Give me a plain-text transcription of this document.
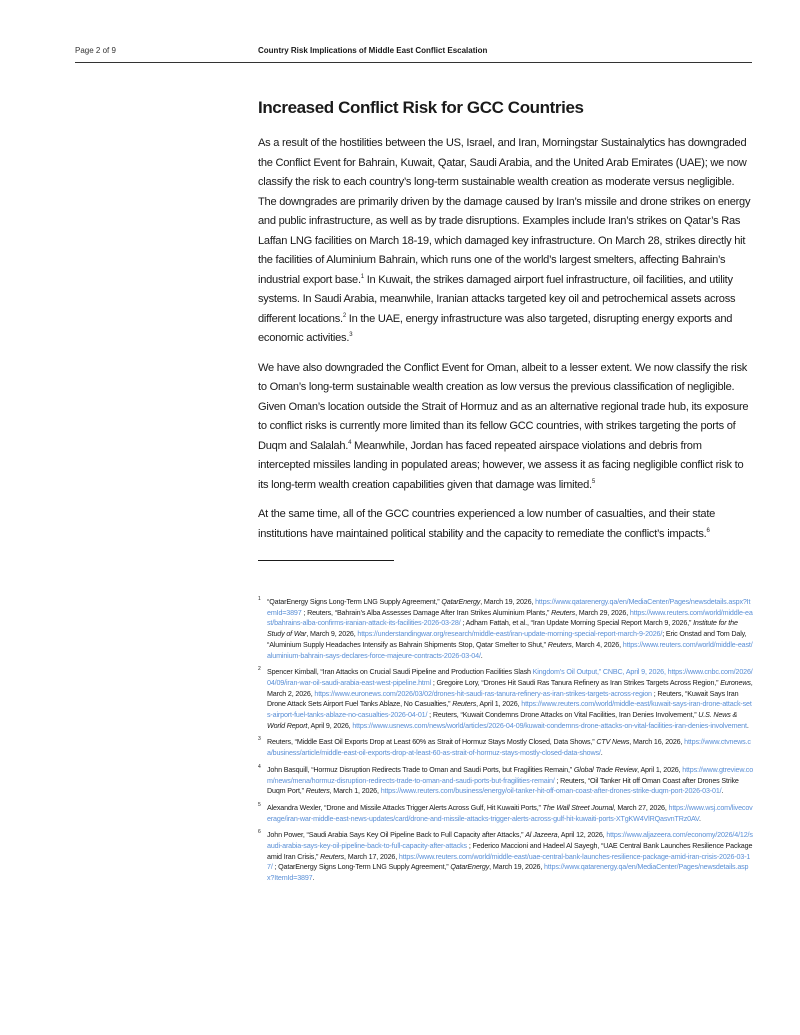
Page 2 of 9	Country Risk Implications of Middle East Conflict Escalation
Increased Conflict Risk for GCC Countries

As a result of the hostilities between the US, Israel, and Iran, Morningstar Sustainalytics has downgraded the Conflict Event for Bahrain, Kuwait, Qatar, Saudi Arabia, and the United Arab Emirates (UAE); we now classify the risk to each country’s long-term sustainable wealth creation as moderate versus negligible. The downgrades are primarily driven by the damage caused by Iran’s missile and drone strikes on energy and public infrastructure, as well as by trade disruptions. Examples include Iran’s strikes on Qatar’s Ras Laffan LNG facilities on March 18-19, which damaged key infrastructure. On March 28, strikes directly hit the facilities of Aluminium Bahrain, which runs one of the world’s largest smelters, affecting Bahrain’s industrial export base.$^1$ In Kuwait, the strikes damaged airport fuel infrastructure, oil facilities, and utility systems. In Saudi Arabia, meanwhile, Iranian attacks targeted key oil and petrochemical assets across different locations.$^2$ In the UAE, energy infrastructure was also targeted, disrupting energy exports and economic activities.$^3$

We have also downgraded the Conflict Event for Oman, albeit to a lesser extent. We now classify the risk to Oman’s long-term sustainable wealth creation as low versus the previous classification of negligible. Given Oman’s location outside the Strait of Hormuz and as an alternative regional trade hub, its exposure to conflict risks is currently more limited than its fellow GCC countries, with strikes targeting the ports of Duqm and Salalah.$^4$ Meanwhile, Jordan has faced repeated airspace violations and debris from intercepted missiles landing in populated areas; however, we assess it as facing negligible conflict risk to its long-term wealth creation capabilities given that damage was limited.$^5$

At the same time, all of the GCC countries experienced a low number of casualties, and their state institutions have maintained political stability and the capacity to remediate the conflict’s impacts.$^6$

1 “QatarEnergy Signs Long-Term LNG Supply Agreement,” QatarEnergy, March 19, 2026, https://www.qatarenergy.qa/en/MediaCenter/Pages/newsdetails.aspx?ItemId=3897 ; Reuters, “Bahrain’s Alba Assesses Damage After Iran Strikes Aluminium Plants,” Reuters, March 29, 2026, https://www.reuters.com/world/middle-east/bahrains-alba-confirms-iranian-attack-its-facilities-2026-03-28/ ; Adham Fattah, et al., “Iran Update Morning Special Report March 9, 2026,” Institute for the Study of War, March 9, 2026, https://understandingwar.org/research/middle-east/iran-update-morning-special-report-march-9-2026/; Eric Onstad and Tom Daly, “Aluminium Supply Headaches Intensify as Bahrain Shipments Stop, Qatar Smelter to Shut,” Reuters, March 4, 2026, https://www.reuters.com/world/middle-east/aluminium-bahrain-says-declares-force-majeure-contracts-2026-03-04/.
2 Spencer Kimball, “Iran Attacks on Crucial Saudi Pipeline and Production Facilities Slash Kingdom’s Oil Output,” CNBC, April 9, 2026, https://www.cnbc.com/2026/04/09/iran-war-oil-saudi-arabia-east-west-pipeline.html ; Gregoire Lory, “Drones Hit Saudi Ras Tanura Refinery as Iran Strikes Targets Across Region,” Euronews, March 2, 2026, https://www.euronews.com/2026/03/02/drones-hit-saudi-ras-tanura-refinery-as-iran-strikes-targets-across-region ; Reuters, “Kuwait Says Iran Drone Attack Sets Airport Fuel Tanks Ablaze, No Casualties,” Reuters, April 1, 2026, https://www.reuters.com/world/middle-east/kuwait-says-iran-drone-attack-sets-airport-fuel-tanks-ablaze-no-casualties-2026-04-01/ ; Reuters, “Kuwait Condemns Drone Attacks on Vital Facilities, Iran Denies Involvement,” U.S. News & World Report, April 9, 2026, https://www.usnews.com/news/world/articles/2026-04-09/kuwait-condemns-drone-attacks-on-vital-facilities-iran-denies-involvement.
3 Reuters, “Middle East Oil Exports Drop at Least 60% as Strait of Hormuz Stays Mostly Closed, Data Shows,” CTV News, March 16, 2026, https://www.ctvnews.ca/business/article/middle-east-oil-exports-drop-at-least-60-as-strait-of-hormuz-stays-mostly-closed-data-shows/.
4 John Basquill, “Hormuz Disruption Redirects Trade to Oman and Saudi Ports, but Fragilities Remain,” Global Trade Review, April 1, 2026, https://www.gtreview.com/news/mena/hormuz-disruption-redirects-trade-to-oman-and-saudi-ports-but-fragilities-remain/ ; Reuters, “Oil Tanker Hit off Oman Coast after Drones Strike Duqm Port,” Reuters, March 1, 2026, https://www.reuters.com/business/energy/oil-tanker-hit-off-oman-coast-after-drones-strike-duqm-port-2026-03-01/.
5 Alexandra Wexler, “Drone and Missile Attacks Trigger Alerts Across Gulf, Hit Kuwaiti Ports,” The Wall Street Journal, March 27, 2026, https://www.wsj.com/livecoverage/iran-war-middle-east-news-updates/card/drone-and-missile-attacks-trigger-alerts-across-gulf-hit-kuwaiti-ports-XTgKW4VlRQasvnTRz0AV.
6 John Power, “Saudi Arabia Says Key Oil Pipeline Back to Full Capacity after Attacks,” Al Jazeera, April 12, 2026, https://www.aljazeera.com/economy/2026/4/12/saudi-arabia-says-key-oil-pipeline-back-to-full-capacity-after-attacks ; Federico Maccioni and Hadeel Al Sayegh, “UAE Central Bank Launches Resilience Package amid Iran Crisis,” Reuters, March 17, 2026, https://www.reuters.com/world/middle-east/uae-central-bank-launches-resilience-package-amid-iran-crisis-2026-03-17/ ; QatarEnergy Signs Long-Term LNG Supply Agreement,” QatarEnergy, March 19, 2026, https://www.qatarenergy.qa/en/MediaCenter/Pages/newsdetails.aspx?ItemId=3897.
